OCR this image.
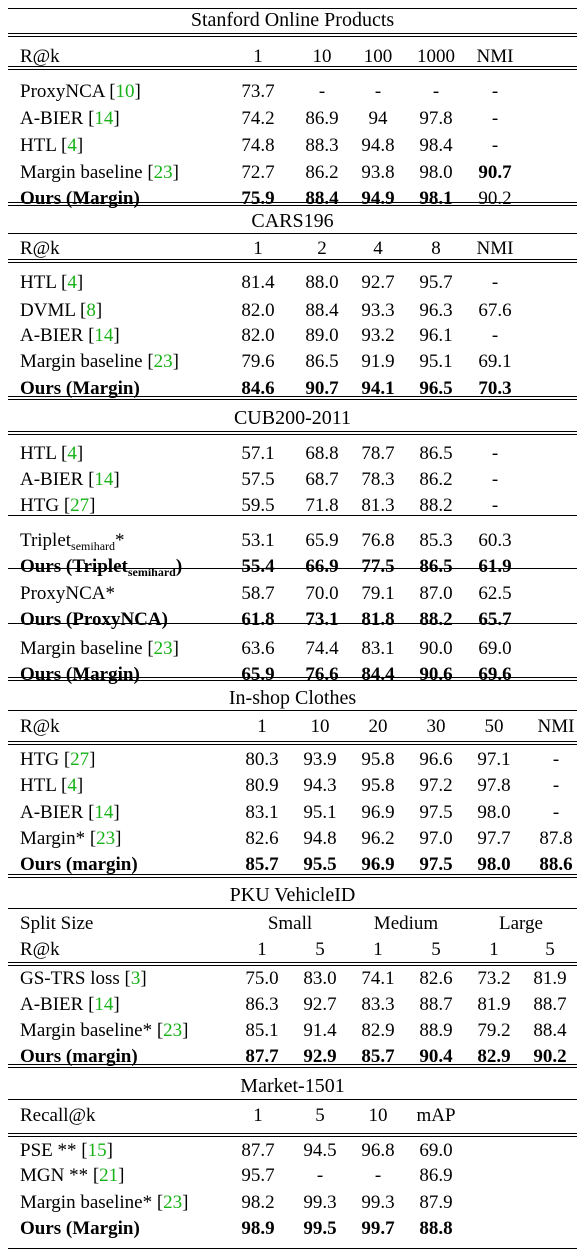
Stanford Online Products
R@k	1	10 100 1000 NMI
ProxyNCA [10]	73.7 -	-	-	-
A-BIER [14]	74.2 86.9 94 97.8 -
HTL [4]	74.8 88.3 94.8 98.4 -
Margin baseline [23]	72.7 86.2 93.8 98.0 90.7
Ours (Margin)	75.9 88.4 94.9 98.1 90.2
CARS196
R@k	1	2 4	8 NMI
HTL [4]	81.4 88.0 92.7 95.7 -
DVML [8]	82.0 88.4 93.3 96.3 67.6
A-BIER [14]	82.0 89.0 93.2 96.1 -
Margin baseline [23]	79.6 86.5 91.9 95.1 69.1
Ours (Margin)	84.6 90.7 94.1 96.5 70.3
CUB200-2011
HTL [4]	57.1 68.8 78.7 86.5 -
A-BIER [14]	57.5 68.7 78.3 86.2 -
HTG [27]	59.5 71.8 81.3 88.2 -
Triplet$_{semihard}$*	53.1 65.9 76.8 85.3 60.3
Ours (Triplet$_{semihard}$)	55.4 66.9 77.5 86.5 61.9
ProxyNCA*	58.7 70.0 79.1 87.0 62.5
Ours (ProxyNCA)	61.8 73.1 81.8 88.2 65.7
Margin baseline [23]	63.6 74.4 83.1 90.0 69.0
Ours (Margin)	65.9 76.6 84.4 90.6 69.6
In-shop Clothes
R@k	1 10 20 30 50 NMI
HTG [27]	80.3 93.9 95.8 96.6 97.1 -
HTL [4]	80.9 94.3 95.8 97.2 97.8 -
A-BIER [14]	83.1 95.1 96.9 97.5 98.0 -
Margin* [23]	82.6 94.8 96.2 97.0 97.7 87.8
Ours (margin)	85.7 95.5 96.9 97.5 98.0 88.6
PKU VehicleID
Split Size	Small	Medium	Large
R@k	1	5	1	5	1 5
GS-TRS loss [3]	75.0 83.0 74.1 82.6 73.2 81.9
A-BIER [14]	86.3 92.7 83.3 88.7 81.9 88.7
Margin baseline* [23]	85.1 91.4 82.9 88.9 79.2 88.4
Ours (margin)	87.7 92.9 85.7 90.4 82.9 90.2
Market-1501
Recall@k	1	5 10 mAP
PSE ** [15]	87.7 94.5 96.8 69.0
MGN ** [21]	95.7 -	- 86.9
Margin baseline* [23]	98.2 99.3 99.3 87.9
Ours (Margin)	98.9 99.5 99.7 88.8
